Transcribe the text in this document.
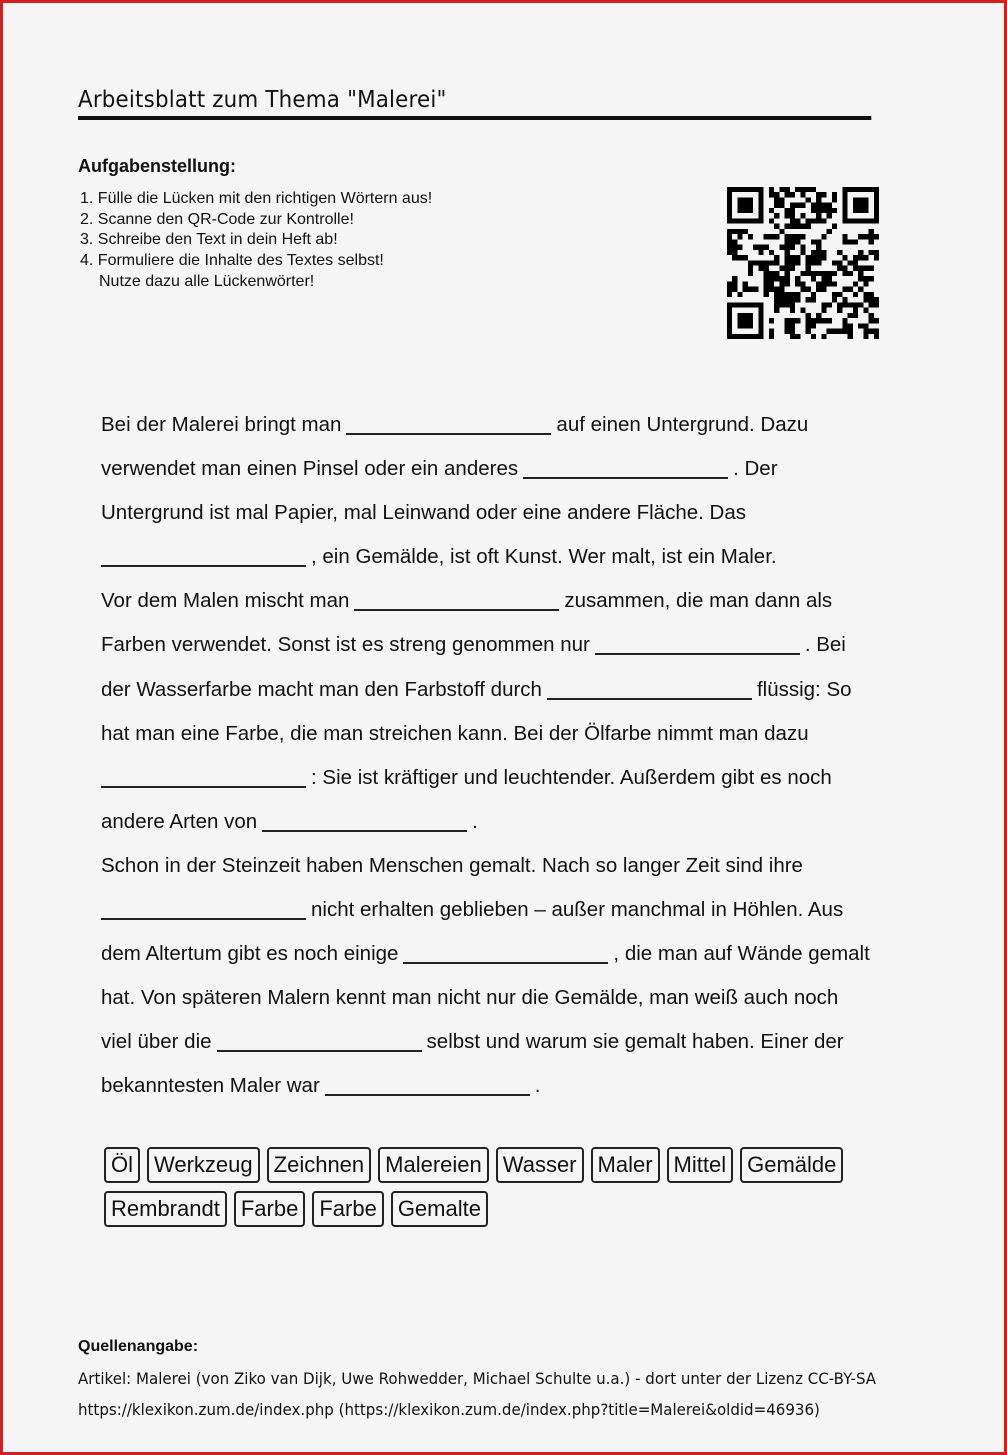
Arbeitsblatt zum Thema "Malerei"
Aufgabenstellung:
1. Fülle die Lücken mit den richtigen Wörtern aus!
2. Scanne den QR-Code zur Kontrolle!
3. Schreibe den Text in dein Heft ab!
4. Formuliere die Inhalte des Textes selbst!
Nutze dazu alle Lückenwörter!
Bei der Malerei bringt man	auf einen Untergrund. Dazu
verwendet man einen Pinsel oder ein anderes	. Der
Untergrund ist mal Papier, mal Leinwand oder eine andere Fläche. Das
, ein Gemälde, ist oft Kunst. Wer malt, ist ein Maler.
Vor dem Malen mischt man	zusammen, die man dann als
Farben verwendet. Sonst ist es streng genommen nur	. Bei
der Wasserfarbe macht man den Farbstoff durch	flüssig: So
hat man eine Farbe, die man streichen kann. Bei der Ölfarbe nimmt man dazu
: Sie ist kräftiger und leuchtender. Außerdem gibt es noch
andere Arten von	.
Schon in der Steinzeit haben Menschen gemalt. Nach so langer Zeit sind ihre
nicht erhalten geblieben – außer manchmal in Höhlen. Aus
dem Altertum gibt es noch einige	, die man auf Wände gemalt
hat. Von späteren Malern kennt man nicht nur die Gemälde, man weiß auch noch
viel über die	selbst und warum sie gemalt haben. Einer der
bekanntesten Maler war	.
Öl Werkzeug Zeichnen Malereien Wasser Maler Mittel Gemälde
Rembrandt Farbe Farbe Gemalte
Quellenangabe:
Artikel: Malerei (von Ziko van Dijk, Uwe Rohwedder, Michael Schulte u.a.) - dort unter der Lizenz CC-BY-SA
https://klexikon.zum.de/index.php (https://klexikon.zum.de/index.php?title=Malerei&oldid=46936)
